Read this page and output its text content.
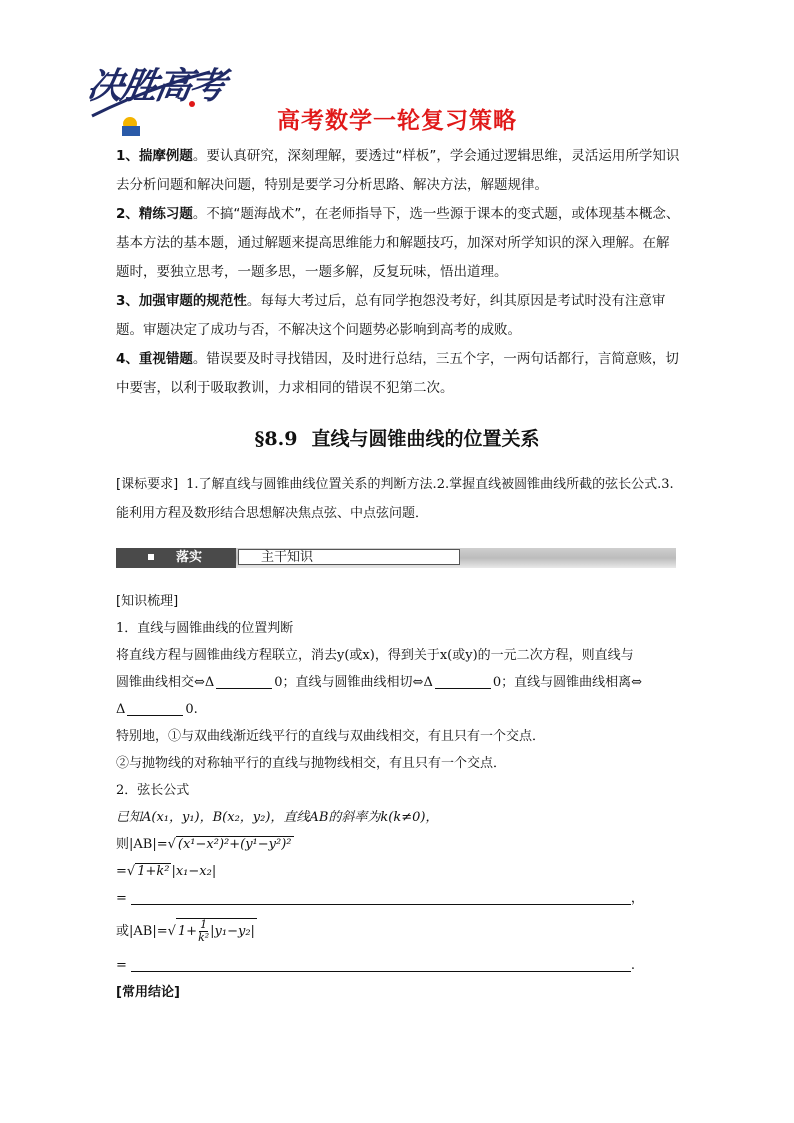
决胜高考
高考数学一轮复习策略

1、揣摩例题。要认真研究，深刻理解，要透过“样板”，学会通过逻辑思维，灵活运用所学知识去分析问题和解决问题，特别是要学习分析思路、解决方法，解题规律。

2、精练习题。不搞“题海战术”，在老师指导下，选一些源于课本的变式题，或体现基本概念、基本方法的基本题，通过解题来提高思维能力和解题技巧，加深对所学知识的深入理解。在解题时，要独立思考，一题多思，一题多解，反复玩味，悟出道理。

3、加强审题的规范性。每每大考过后，总有同学抱怨没考好，纠其原因是考试时没有注意审题。审题决定了成功与否，不解决这个问题势必影响到高考的成败。

4、重视错题。错误要及时寻找错因，及时进行总结，三五个字，一两句话都行，言简意赅，切中要害，以利于吸取教训，力求相同的错误不犯第二次。

§8.9 直线与圆锥曲线的位置关系
[课标要求] 1.了解直线与圆锥曲线位置关系的判断方法.2.掌握直线被圆锥曲线所截的弦长公式.3.能利用方程及数形结合思想解决焦点弦、中点弦问题．
落实	主干知识

[知识梳理]

1．直线与圆锥曲线的位置判断

将直线方程与圆锥曲线方程联立，消去y(或x)，得到关于x(或y)的一元二次方程，则直线与

圆锥曲线相交⇔Δ	0；直线与圆锥曲线相切⇔Δ	0；直线与圆锥曲线相离⇔

Δ	0.

特别地，①与双曲线渐近线平行的直线与双曲线相交，有且只有一个交点．

②与抛物线的对称轴平行的直线与抛物线相交，有且只有一个交点．

2．弦长公式

已知A(x₁，y₁)，B(x₂，y₂)，直线AB的斜率为k(k≠0)，

则|AB|=√ (x¹−x²)²+(y¹−y²)²

=√ 1+k² |x₁−x₂|

=	，

或|AB|=√ $1+ \frac{1}{\text{k²}} |y_1-y_2|$

=	.

[常用结论]
